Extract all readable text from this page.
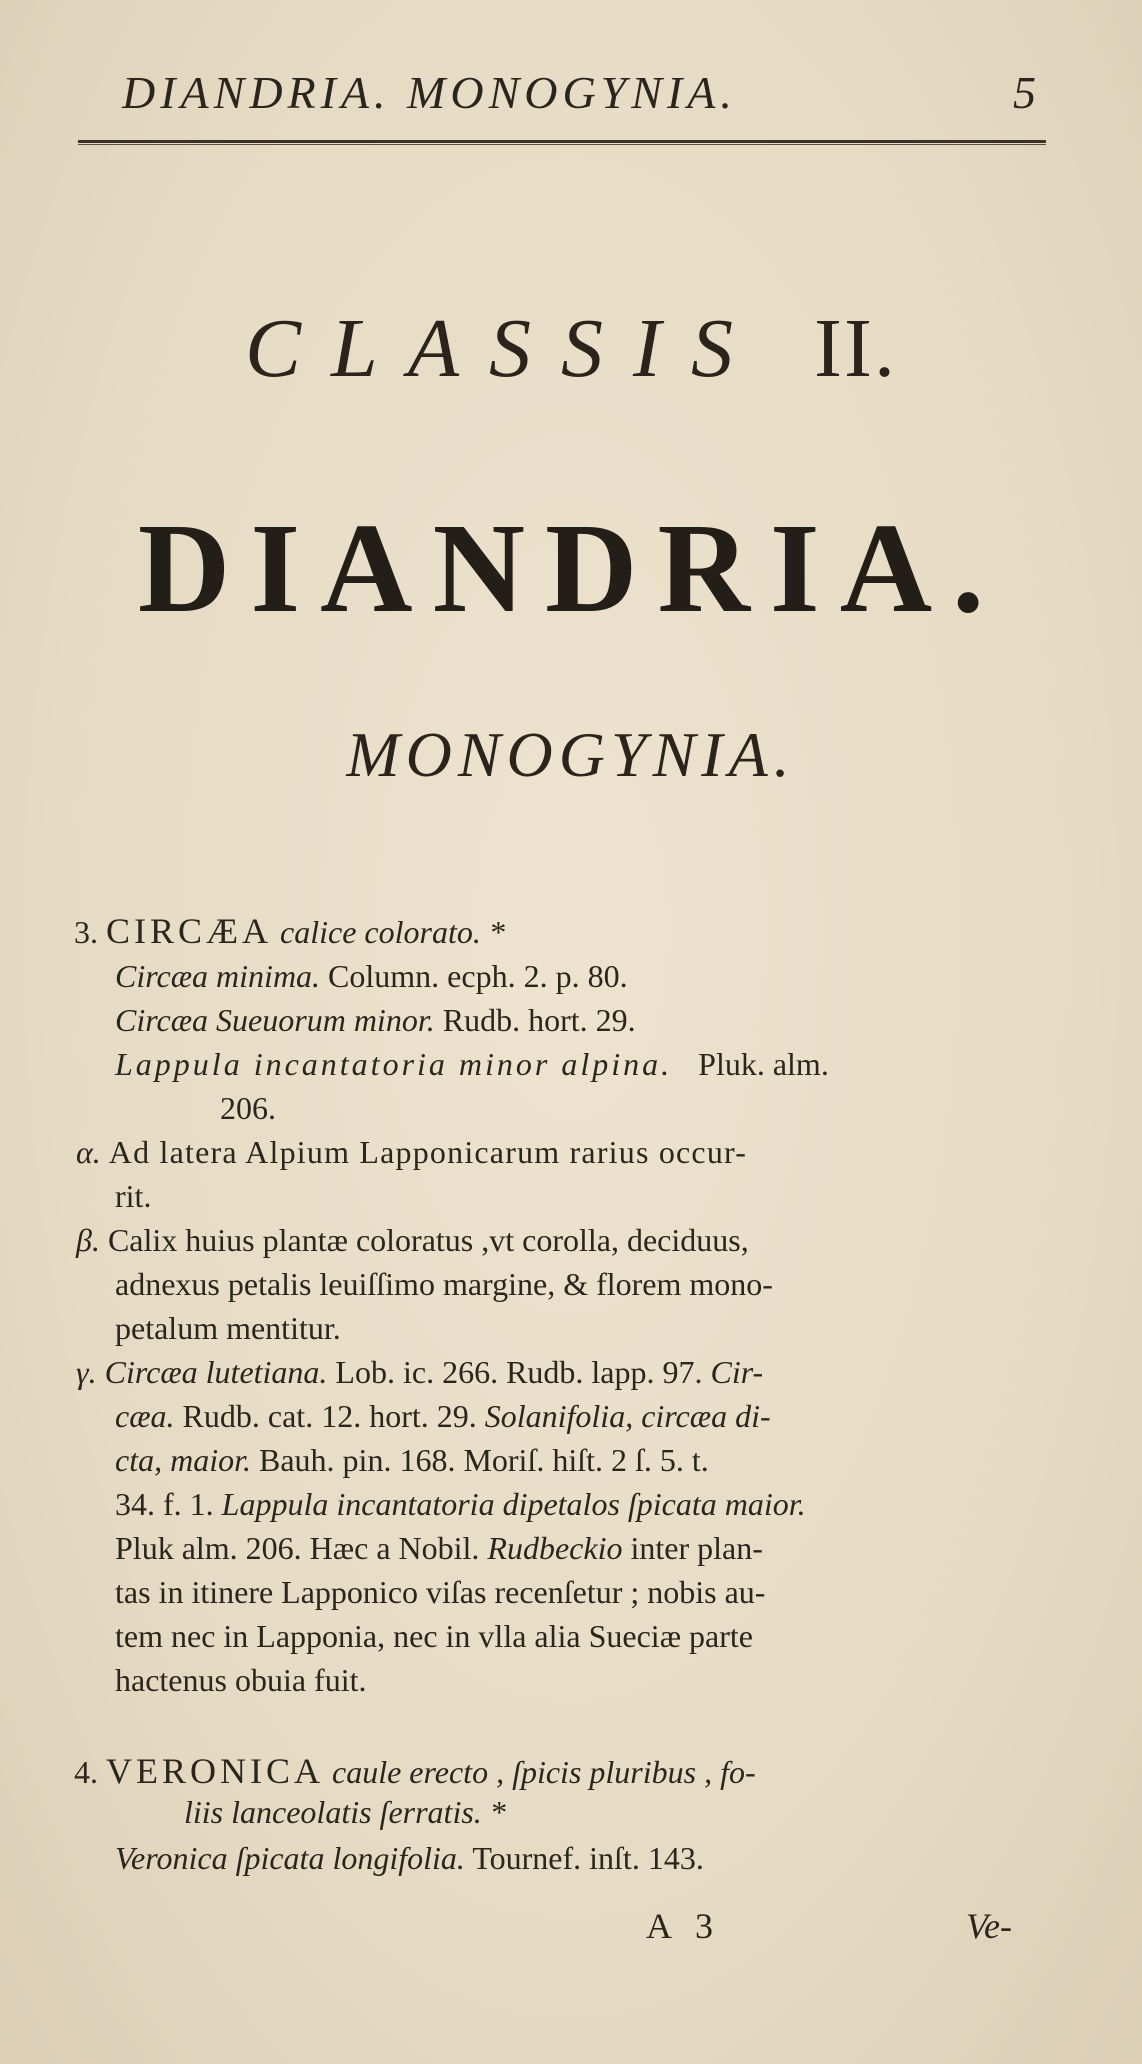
DIANDRIA. MONOGYNIA.	5
CLASSIS II.
DIANDRIA.
MONOGYNIA.
3. CIRCÆA calice colorato. *
Circæa minima. Column. ecph. 2. p. 80.
Circæa Sueuorum minor. Rudb. hort. 29.
Lappula incantatoria minor alpina. Pluk. alm.
206.
α. Ad latera Alpium Lapponicarum rarius occur-
rit.
β. Calix huius plantæ coloratus ,vt corolla, deciduus,
adnexus petalis leuiſſimo margine, & florem mono-
petalum mentitur.
γ. Circæa lutetiana. Lob. ic. 266. Rudb. lapp. 97. Cir-
cæa. Rudb. cat. 12. hort. 29. Solanifolia, circæa di-
cta, maior. Bauh. pin. 168. Moriſ. hiſt. 2 ſ. 5. t.
34. f. 1. Lappula incantatoria dipetalos ſpicata maior.
Pluk alm. 206. Hæc a Nobil. Rudbeckio inter plan-
tas in itinere Lapponico viſas recenſetur ; nobis au-
tem nec in Lapponia, nec in vlla alia Sueciæ parte
hactenus obuia fuit.
4. VERONICA caule erecto , ſpicis pluribus , fo-
liis lanceolatis ſerratis. *
Veronica ſpicata longifolia. Tournef. inſt. 143.
A 3	Ve-
